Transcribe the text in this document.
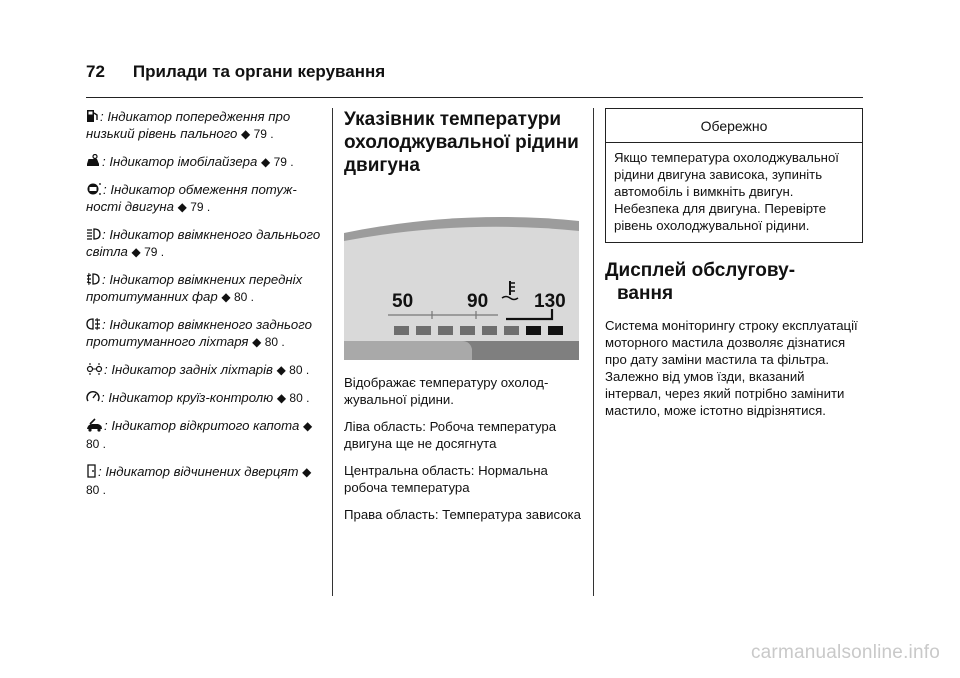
72 Прилади та органи керування

: Індикатор попередження про низький рівень пального ◆ 79 .

: Індикатор імобілайзера ◆ 79 .

: Індикатор обмеження потужності двигуна ◆ 79 .

: Індикатор ввімкненого дальнього світла ◆ 79 .

: Індикатор ввімкнених передніх протитуманних фар ◆ 80 .

: Індикатор ввімкненого заднього протитуманного ліхтаря ◆ 80 .

: Індикатор задніх ліхтарів ◆ 80 .

: Індикатор круїз-контролю ◆ 80 .

: Індикатор відкритого капота ◆ 80 .

: Індикатор відчинених дверцят ◆ 80 .

Указівник температури охолоджувальної рідини двигуна
50	90 130

Відображає температуру охолоджувальної рідини.

Ліва область: Робоча температура двигуна ще не досягнута

Центральна область: Нормальна робоча температура

Права область: Температура зависока

Обережно
Якщо температура охолоджувальної рідини двигуна зависока, зупиніть автомобіль і вимкніть двигун. Небезпека для двигуна. Перевірте рівень охолоджувальної рідини.
Дисплей обслугову-
вання

Система моніторингу строку експлуатації моторного мастила дозволяє дізнатися про дату заміни мастила та фільтра. Залежно від умов їзди, вказаний інтервал, через який потрібно замінити мастило, може істотно відрізнятися.

carmanualsonline.info
